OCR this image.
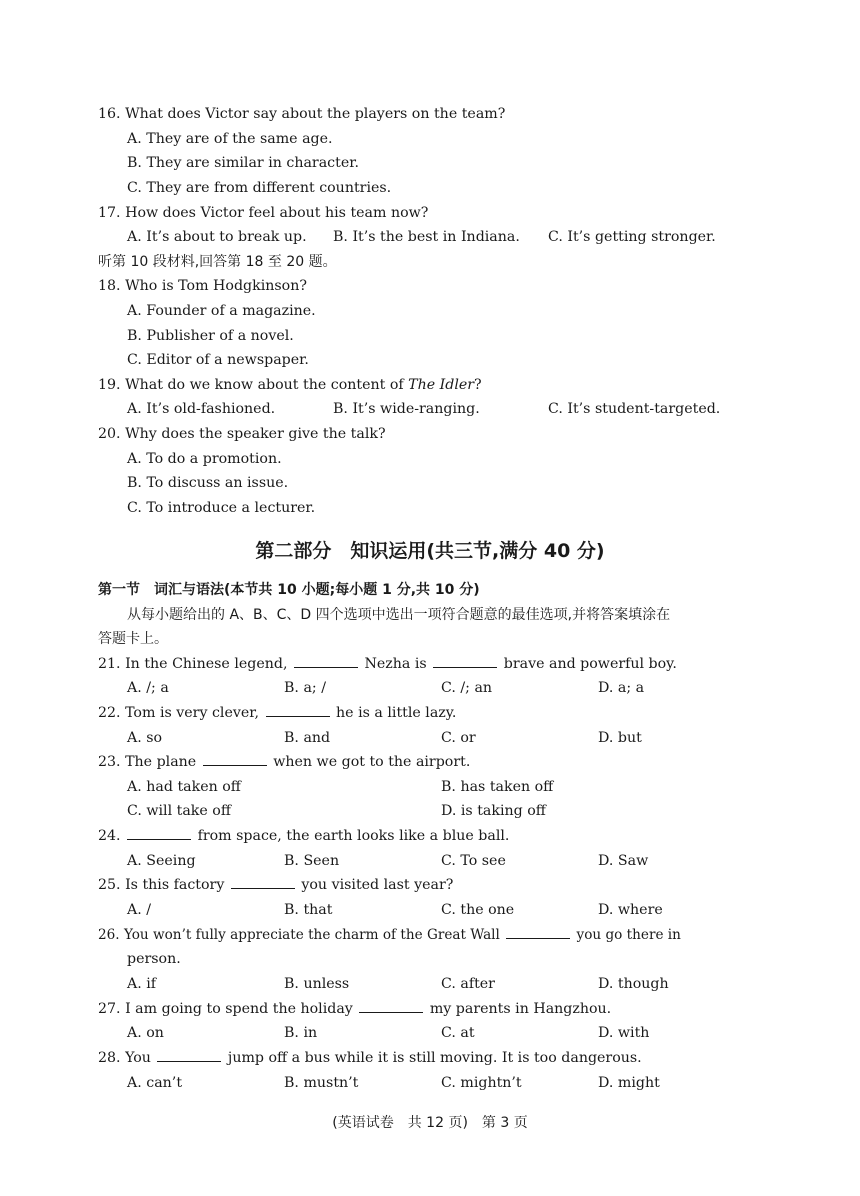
16. What does Victor say about the players on the team?
A. They are of the same age.
B. They are similar in character.
C. They are from different countries.
17. How does Victor feel about his team now?
A. It’s about to break up. B. It’s the best in Indiana. C. It’s getting stronger.
听第 10 段材料,回答第 18 至 20 题。
18. Who is Tom Hodgkinson?
A. Founder of a magazine.
B. Publisher of a novel.
C. Editor of a newspaper.
19. What do we know about the content of The Idler?
A. It’s old-fashioned.	B. It’s wide-ranging.	C. It’s student-targeted.
20. Why does the speaker give the talk?
A. To do a promotion.
B. To discuss an issue.
C. To introduce a lecturer.
第二部分　知识运用(共三节,满分 40 分)
第一节　词汇与语法(本节共 10 小题;每小题 1 分,共 10 分)
从每小题给出的 A、B、C、D 四个选项中选出一项符合题意的最佳选项,并将答案填涂在
答题卡上。
21. In the Chinese legend,	Nezha is	brave and powerful boy.
A. /; a	B. a; /	C. /; an	D. a; a
22. Tom is very clever,	he is a little lazy.
A. so	B. and	C. or	D. but
23. The plane	when we got to the airport.
A. had taken off	B. has taken off
C. will take off	D. is taking off
24.	from space, the earth looks like a blue ball.
A. Seeing	B. Seen	C. To see	D. Saw
25. Is this factory	you visited last year?
A. /	B. that	C. the one	D. where
26. You won’t fully appreciate the charm of the Great Wall	you go there in
person.
A. if	B. unless	C. after	D. though
27. I am going to spend the holiday	my parents in Hangzhou.
A. on	B. in	C. at	D. with
28. You	jump off a bus while it is still moving. It is too dangerous.
A. can’t	B. mustn’t	C. mightn’t	D. might
(英语试卷　共 12 页)　第 3 页
